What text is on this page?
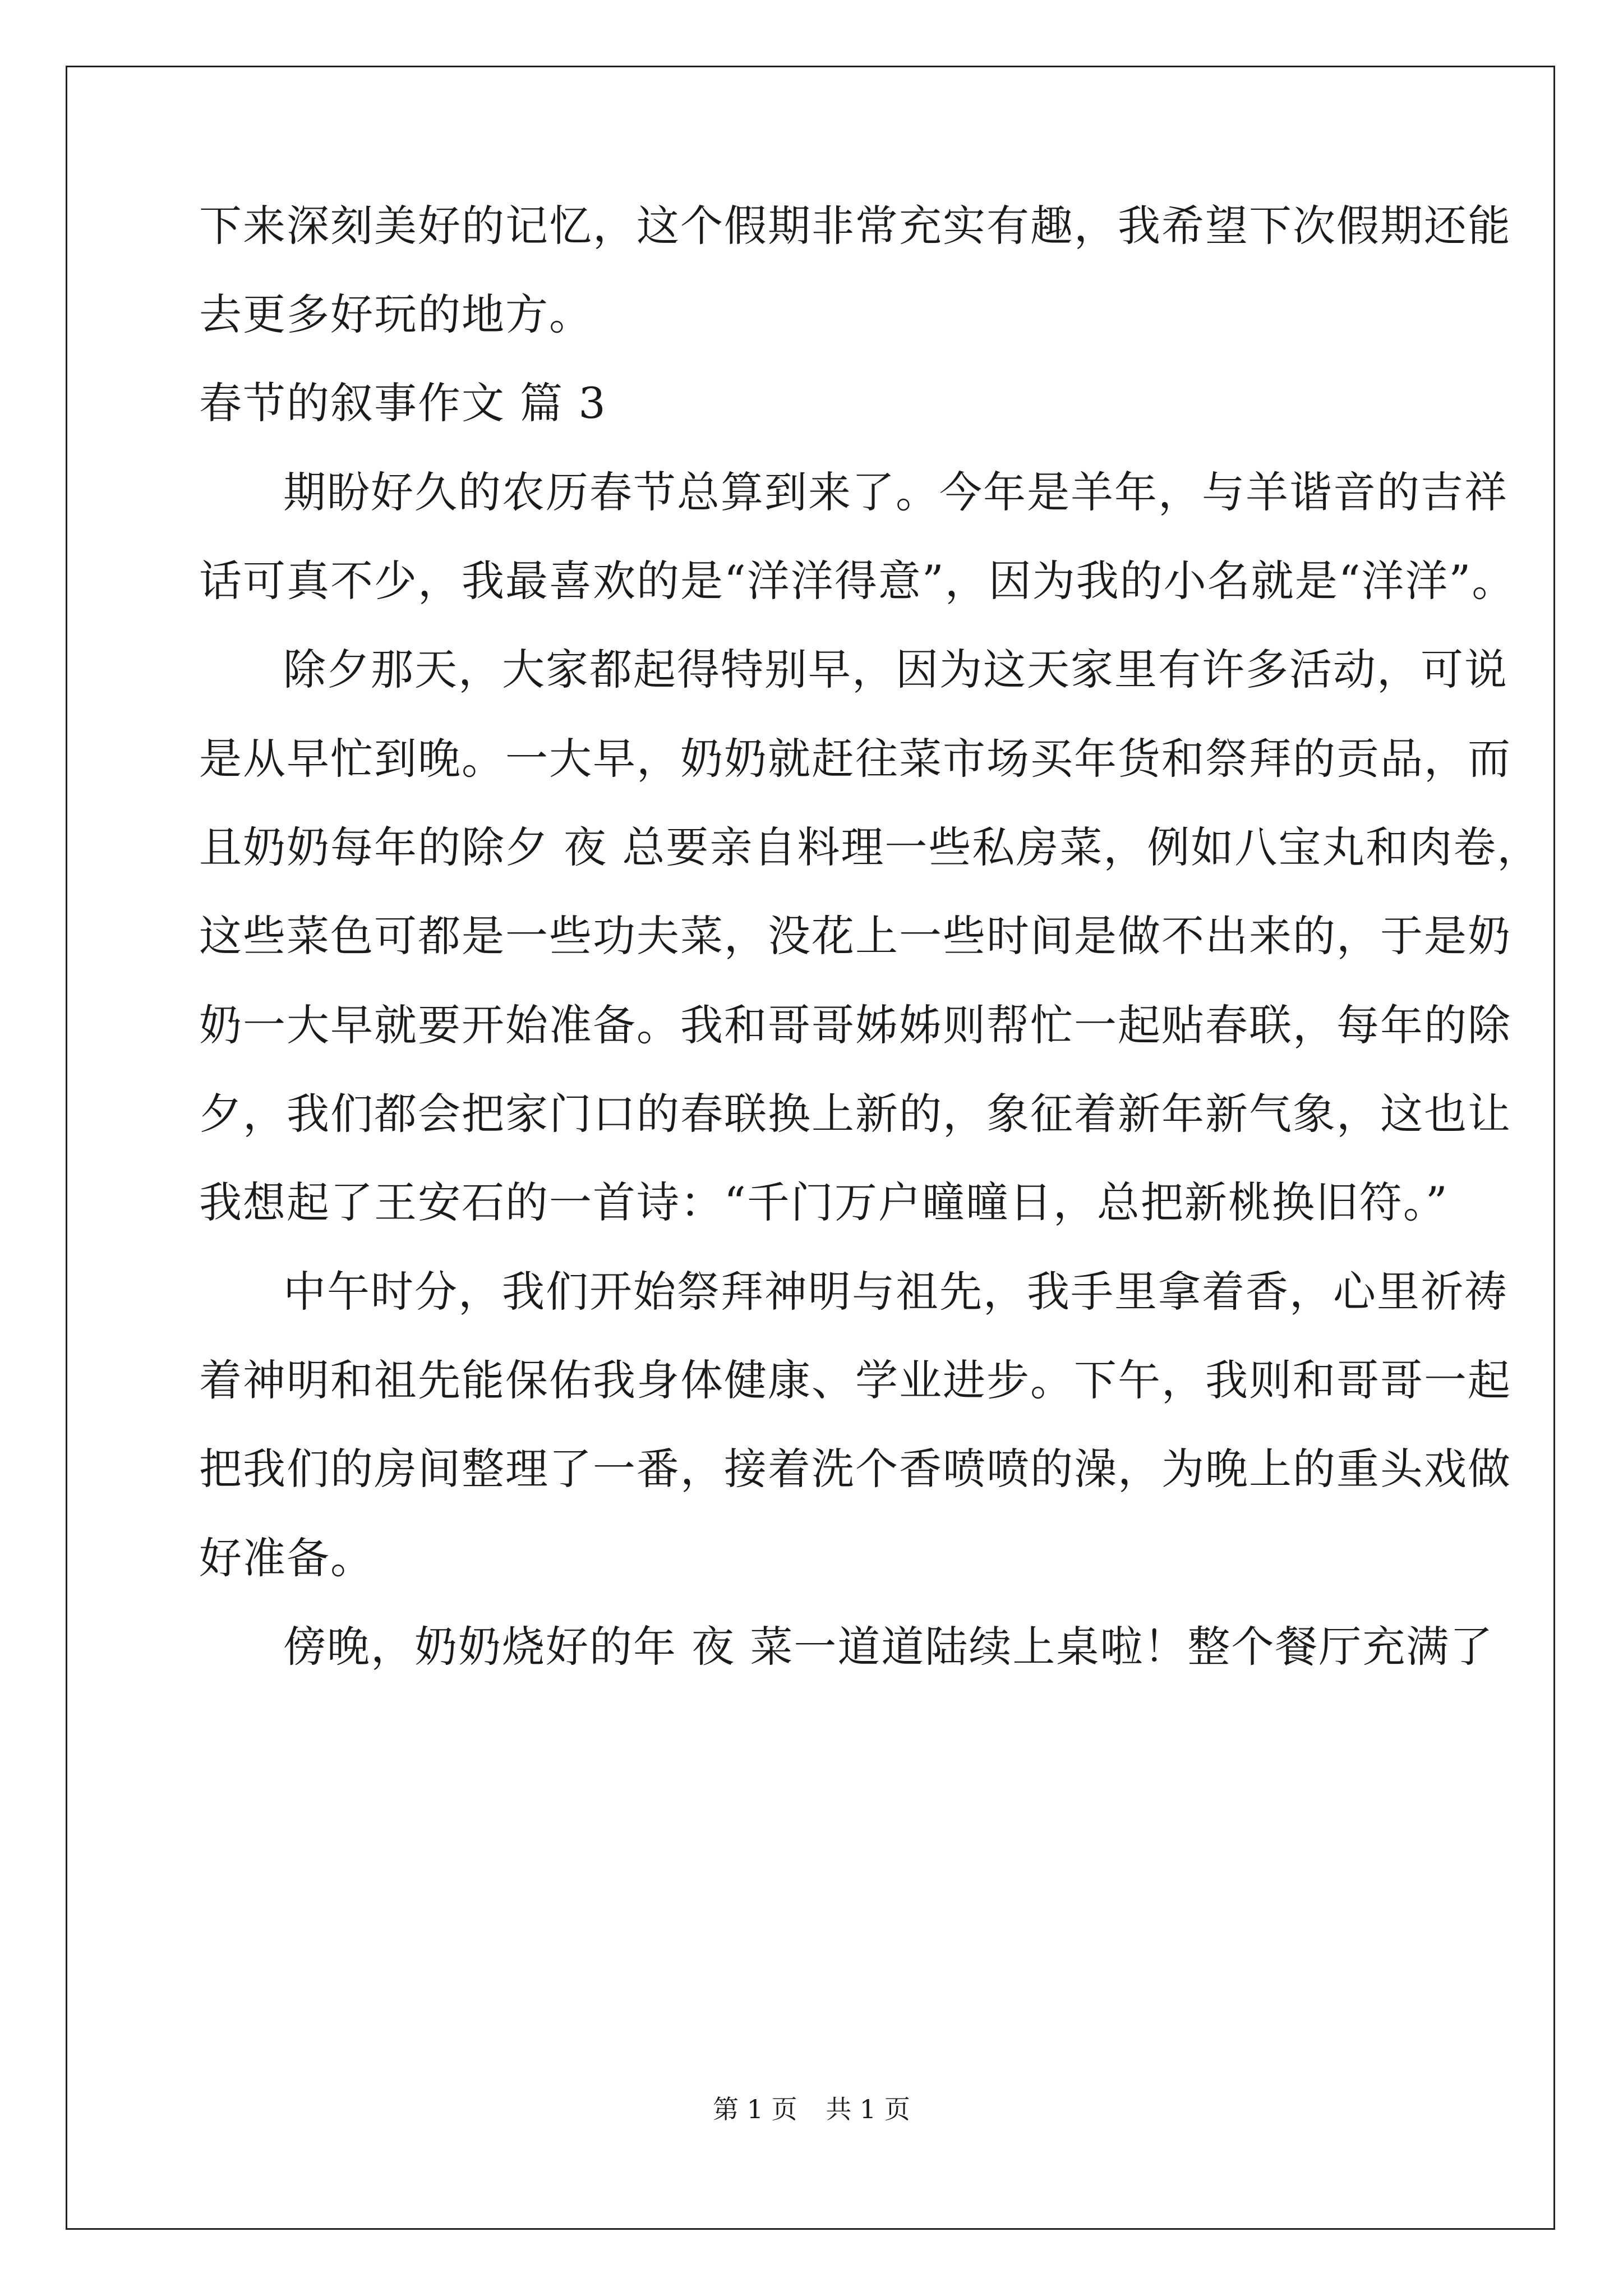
下来深刻美好的记忆，这个假期非常充实有趣，我希望下次假期还能
去更多好玩的地方。
春节的叙事作文 篇 3
期盼好久的农历春节总算到来了。今年是羊年，与羊谐音的吉祥
话可真不少，我最喜欢的是“洋洋得意”，因为我的小名就是“洋洋”。
除夕那天，大家都起得特别早，因为这天家里有许多活动，可说
是从早忙到晚。一大早，奶奶就赶往菜市场买年货和祭拜的贡品，而
且奶奶每年的除夕 夜 总要亲自料理一些私房菜，例如八宝丸和肉卷，
这些菜色可都是一些功夫菜，没花上一些时间是做不出来的，于是奶
奶一大早就要开始准备。我和哥哥姊姊则帮忙一起贴春联，每年的除
夕，我们都会把家门口的春联换上新的，象征着新年新气象，这也让
我想起了王安石的一首诗：“千门万户曈曈日，总把新桃换旧符。”
中午时分，我们开始祭拜神明与祖先，我手里拿着香，心里祈祷
着神明和祖先能保佑我身体健康、学业进步。下午，我则和哥哥一起
把我们的房间整理了一番，接着洗个香喷喷的澡，为晚上的重头戏做
好准备。
傍晚，奶奶烧好的年 夜 菜一道道陆续上桌啦！整个餐厅充满了
第 1 页 共 1 页
